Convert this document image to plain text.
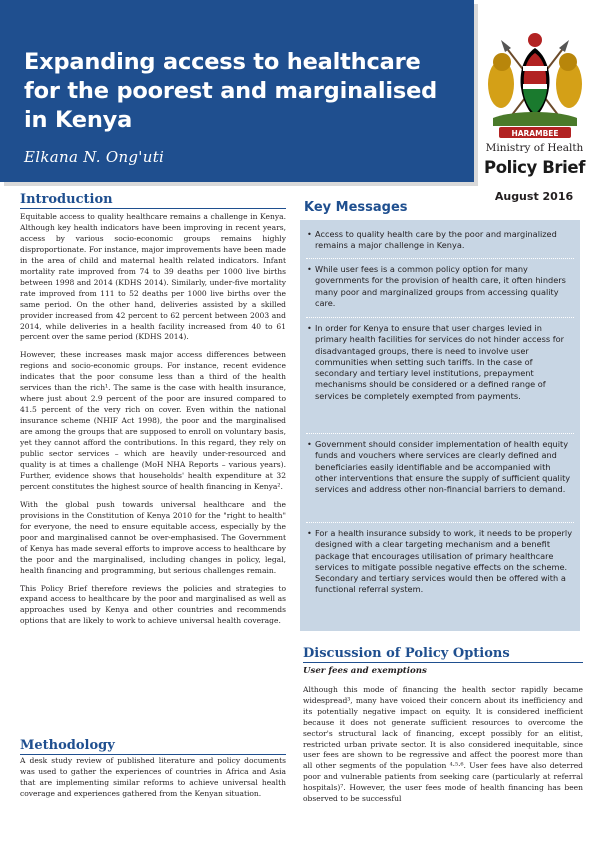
Expanding access to healthcare
for the poorest and marginalised
in Kenya
Elkana N. Ong'uti
HARAMBEE
Ministry of Health
Policy Brief
August 2016
Introduction

Equitable access to quality healthcare remains a challenge in Kenya. Although key health indicators have been improving in recent years, access by various socio-economic groups remains highly disproportionate. For instance, major improvements have been made in the area of child and maternal health related indicators. Infant mortality rate improved from 74 to 39 deaths per 1000 live births between 1998 and 2014 (KDHS 2014). Similarly, under-five mortality rate improved from 111 to 52 deaths per 1000 live births over the same period. On the other hand, deliveries assisted by a skilled provider increased from 42 percent to 62 percent between 2003 and 2014, while deliveries in a health facility increased from 40 to 61 percent over the same period (KDHS 2014).

However, these increases mask major access differences between regions and socio-economic groups. For instance, recent evidence indicates that the poor consume less than a third of the health services than the rich¹. The same is the case with health insurance, where just about 2.9 percent of the poor are insured compared to 41.5 percent of the very rich on cover. Even within the national insurance scheme (NHIF Act 1998), the poor and the marginalised are among the groups that are supposed to enroll on voluntary basis, yet they cannot afford the contributions. In this regard, they rely on public sector services – which are heavily under-resourced and quality is at times a challenge (MoH NHA Reports – various years). Further, evidence shows that households' health expenditure at 32 percent constitutes the highest source of health financing in Kenya².

With the global push towards universal healthcare and the provisions in the Constitution of Kenya 2010 for the "right to health" for everyone, the need to ensure equitable access, especially by the poor and marginalised cannot be over-emphasised. The Government of Kenya has made several efforts to improve access to healthcare by the poor and the marginalised, including changes in policy, legal, health financing and programming, but serious challenges remain.

This Policy Brief therefore reviews the policies and strategies to expand access to healthcare by the poor and marginalised as well as approaches used by Kenya and other countries and recommends options that are likely to work to achieve universal health coverage.

Methodology
A desk study review of published literature and policy documents was used to gather the experiences of countries in Africa and Asia that are implementing similar reforms to achieve universal health coverage and experiences gathered from the Kenyan situation.
Key Messages
• Access to quality health care by the poor and marginalized remains a major challenge in Kenya.
• While user fees is a common policy option for many governments for the provision of health care, it often hinders many poor and marginalized groups from accessing quality care.
• In order for Kenya to ensure that user charges levied in primary health facilities for services do not hinder access for disadvantaged groups, there is need to involve user communities when setting such tariffs. In the case of secondary and tertiary level institutions, prepayment mechanisms should be considered or a defined range of services be completely exempted from payments.
• Government should consider implementation of health equity funds and vouchers where services are clearly defined and beneficiaries easily identifiable and be accompanied with other interventions that ensure the supply of sufficient quality services and address other non-financial barriers to demand.
• For a health insurance subsidy to work, it needs to be properly designed with a clear targeting mechanism and a benefit package that encourages utilisation of primary healthcare services to mitigate possible negative effects on the scheme. Secondary and tertiary services would then be offered with a functional referral system.
Discussion of Policy Options
User fees and exemptions
Although this mode of financing the health sector rapidly became widespread³, many have voiced their concern about its inefficiency and its potentially negative impact on equity. It is considered inefficient because it does not generate sufficient resources to overcome the sector's structural lack of financing, except possibly for an elitist, restricted urban private sector. It is also considered inequitable, since user fees are shown to be regressive and affect the poorest more than all other segments of the population ⁴·⁵·⁶. User fees have also deterred poor and vulnerable patients from seeking care (particularly at referral hospitals)⁷. However, the user fees mode of health financing has been observed to be successful
